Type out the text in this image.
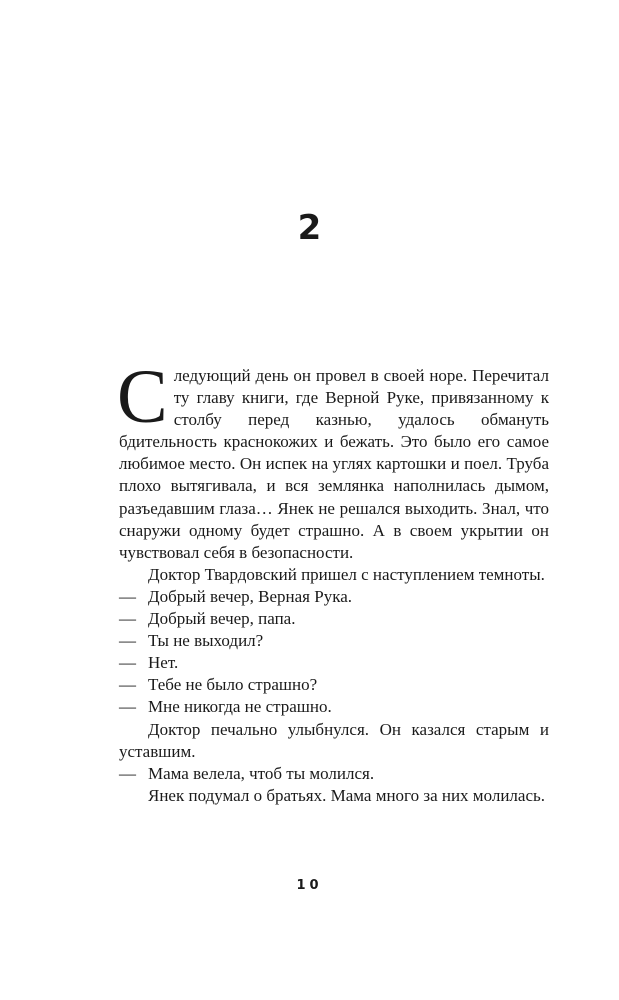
2

Следующий день он провел в своей норе. Перечитал ту главу книги, где Верной Руке, привязанному к столбу перед казнью, удалось обмануть бдительность краснокожих и бежать. Это было его самое любимое место. Он испек на углях картошки и поел. Труба плохо вытягивала, и вся землянка наполнилась дымом, разъедавшим глаза… Янек не решался выходить. Знал, что снаружи одному будет страшно. А в своем укрытии он чувствовал себя в безопасности.

Доктор Твардовский пришел с наступлением темноты.

— Добрый вечер, Верная Рука.

— Добрый вечер, папа.

— Ты не выходил?

— Нет.

— Тебе не было страшно?

— Мне никогда не страшно.

Доктор печально улыбнулся. Он казался старым и уставшим.

— Мама велела, чтоб ты молился.

Янек подумал о братьях. Мама много за них молилась.

10
